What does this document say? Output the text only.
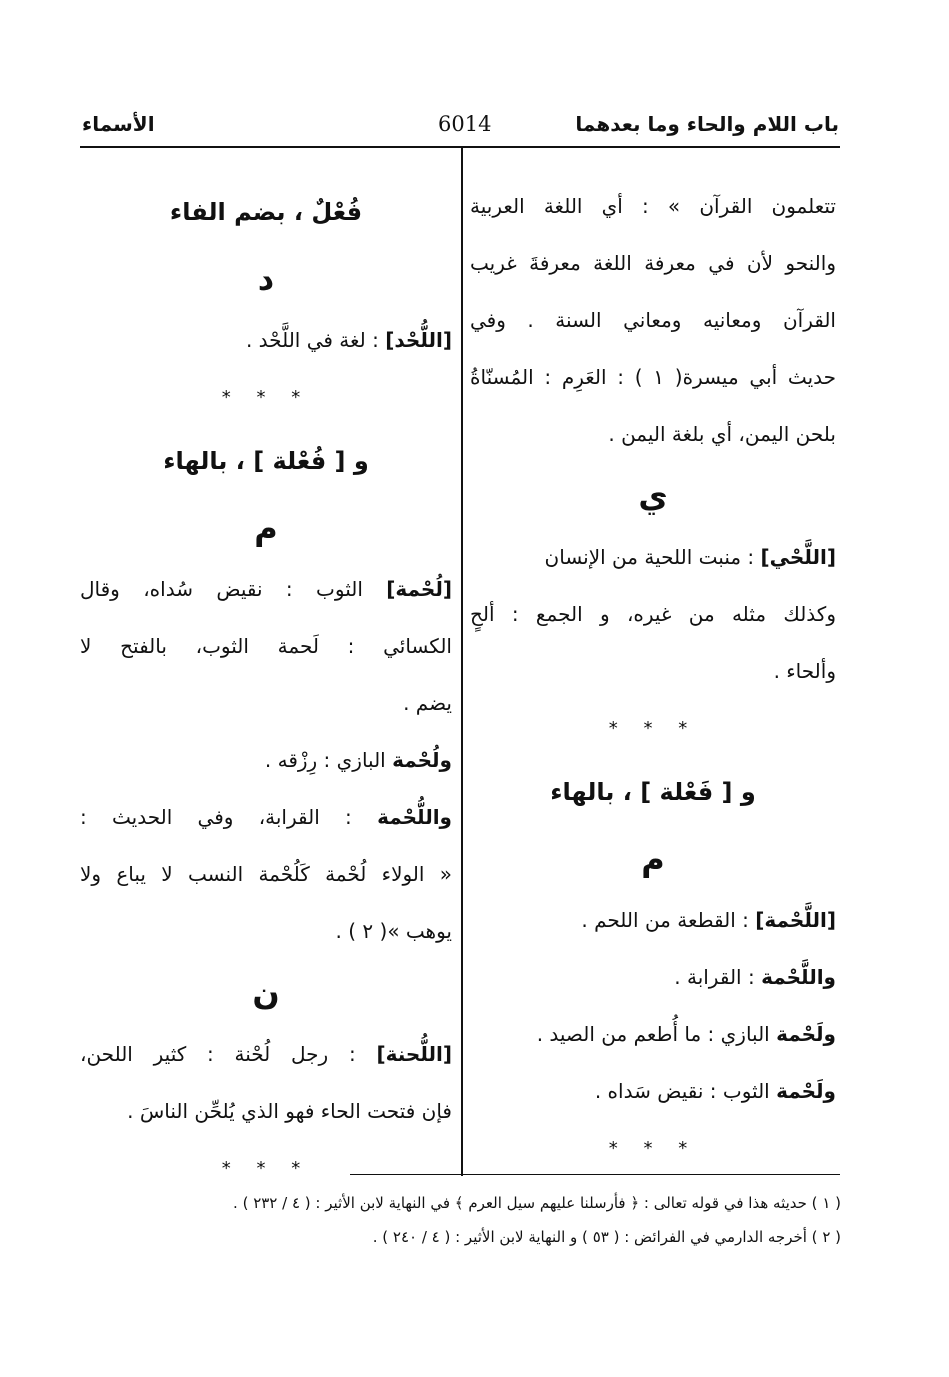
باب اللام والحاء وما بعدهما
6014
الأسماء
تتعلمون القرآن » : أي اللغة العربية
والنحو لأن في معرفة اللغة معرفةَ غريب
القرآن ومعانيه ومعاني السنة . وفي
حديث أبي ميسرة( ١ ) : العَرِم : المُسنّاةُ
بلحن اليمن، أي بلغة اليمن .
ي
[اللَّحْي] : منبت اللحية من الإنسان
وكذلك مثله من غيره، و الجمع : ألحٍ
وألحاء .
* * *
و [ فَعْلة ] ، بالهاء
م
[اللَّحْمة] : القطعة من اللحم .
واللَّحْمة : القرابة .
ولَحْمة البازي : ما أُطعم من الصيد .
ولَحْمة الثوب : نقيض سَداه .
* * *
فُعْلٌ ، بضم الفاء
د
[اللُّحْد] : لغة في اللَّحْد .
* * *
و [ فُعْلة ] ، بالهاء
م
[لُحْمة] الثوب : نقيض سُداه، وقال
الكسائي : لَحمة الثوب، بالفتح لا
يضم .
ولُحْمة البازي : رِزْقه .
واللُّحْمة : القرابة، وفي الحديث :
« الولاء لُحْمة كَلُحْمة النسب لا يباع ولا
يوهب »( ٢ ) .
ن
[اللُّحنة] : رجل لُحْنة : كثير اللحن،
فإن فتحت الحاء فهو الذي يُلحِّن الناسَ .
* * *
( ١ ) حديثه هذا في قوله تعالى : ﴿ فأرسلنا عليهم سيل العرم ﴾ في النهاية لابن الأثير : ( ٤ / ٢٣٢ ) .
( ٢ ) أخرجه الدارمي في الفرائض : ( ٥٣ ) و النهاية لابن الأثير : ( ٤ / ٢٤٠ ) .
